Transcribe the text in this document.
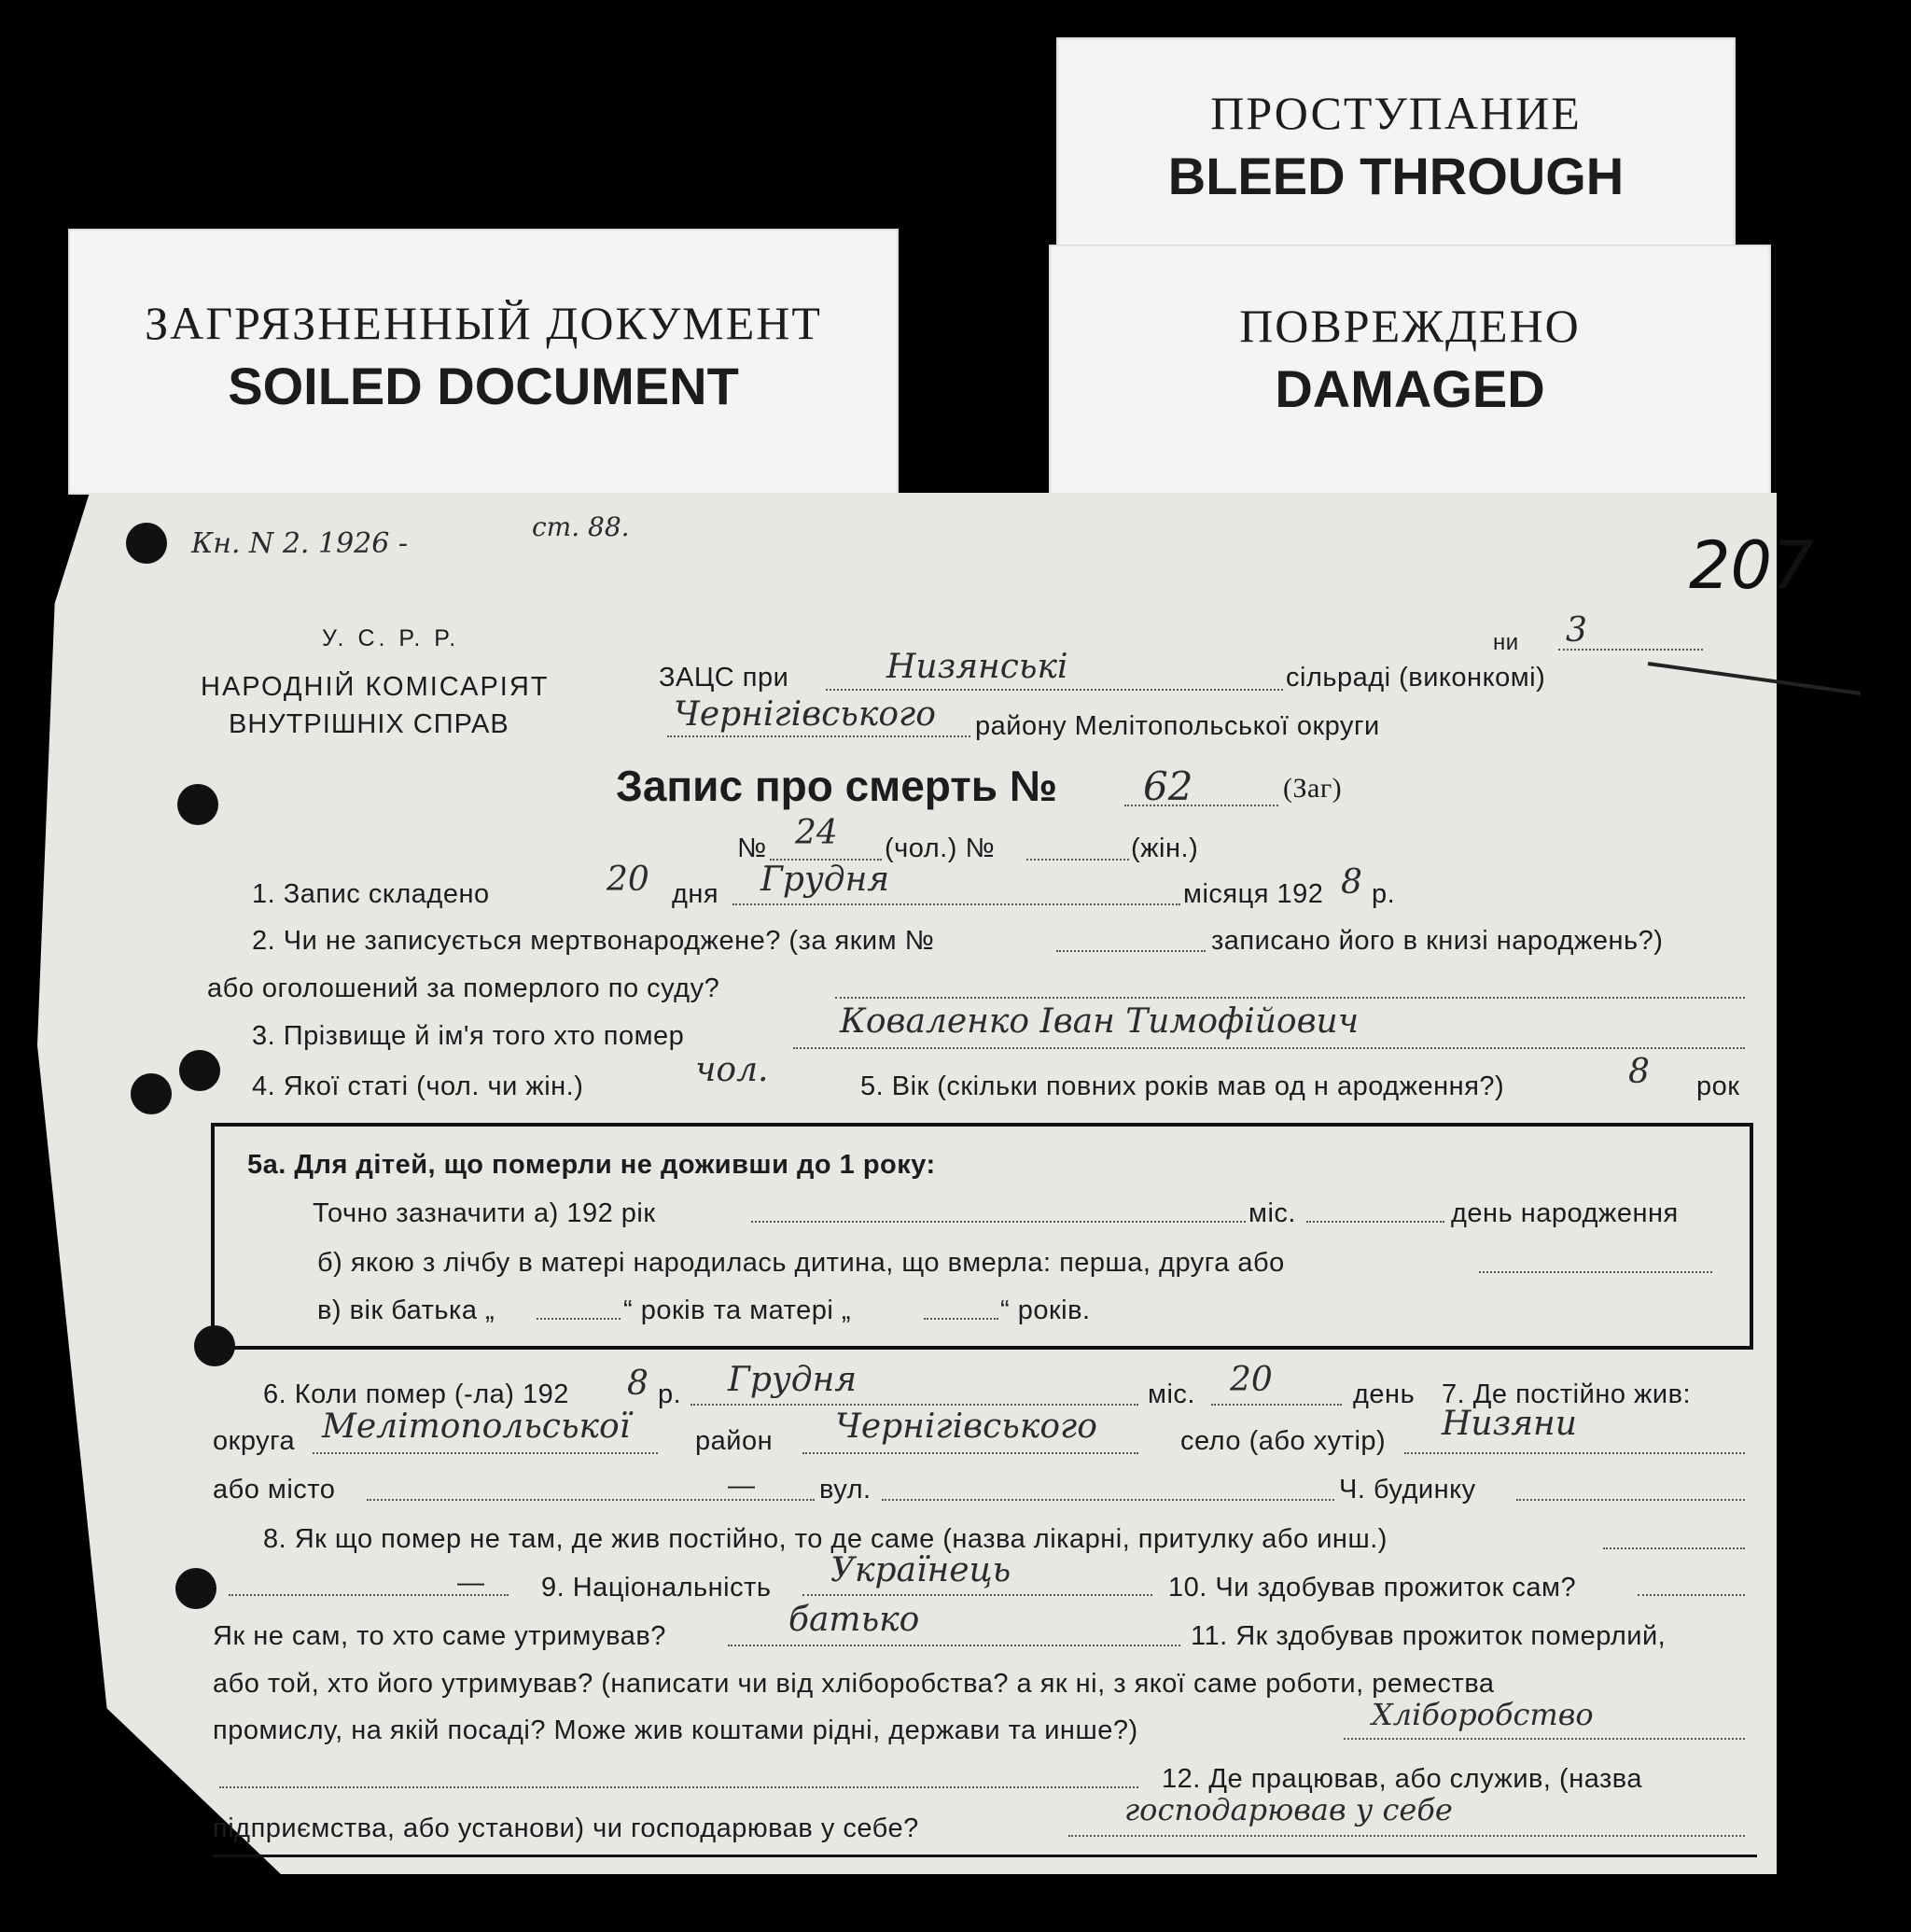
ЗАГРЯЗНЕННЫЙ ДОКУМЕНТ
SOILED DOCUMENT
ПРОСТУПАНИЕ
BLEED THROUGH
ПОВРЕЖДЕНО
DAMAGED
Кн. N 2. 1926 -
ст. 88.
207
У. С. Р. Р.
НАРОДНІЙ КОМІСАРІЯТ
ВНУТРІШНІХ СПРАВ
ни 3
ЗАЦС при	Низянські	сільраді (виконкомі)
Чернігівського району Мелітопольської округи
Запис про смерть № 62	(Заг)
№ 24 (чол.) №	(жін.)
1. Запис складено	20 дня Грудня	місяця 192 8 р.
2. Чи не записується мертвонароджене? (за яким №	записано його в книзі народжень?)
або оголошений за померлого по суду?
3. Прізвище й ім'я того хто помер	Коваленко Іван Тимофійович
4. Якої статі (чол. чи жін.)	чол.	5. Вік (скільки повних років мав од н ародження?)	8 рок
5а. Для дітей, що померли не доживши до 1 року:
Точно зазначити а) 192 рік	міс.	день народження
б) якою з лічбу в матері народилась дитина, що вмерла: перша, друга або
в) вік батька „	“ років та матері „	“ років.
6. Коли помер (-ла) 192 8 р. Грудня	міс. 20	день 7. Де постійно жив:
округа Мелітопольської район Чернігівського	село (або хутір) Низяни
або місто	— вул.	Ч. будинку
8. Як що помер не там, де жив постійно, то де саме (назва лікарні, притулку або инш.)
— 9. Національність Українець	10. Чи здобував прожиток сам?
Як не сам, то хто саме утримував?	батько	11. Як здобував прожиток померлий,
або той, хто його утримував? (написати чи від хліборобства? а як ні, з якої саме роботи, ремества
промислу, на якій посаді? Може жив коштами рідні, держави та инше?)	Хліборобство
12. Де працював, або служив, (назва
підприємства, або установи) чи господарював у себе?
господарював у себе
